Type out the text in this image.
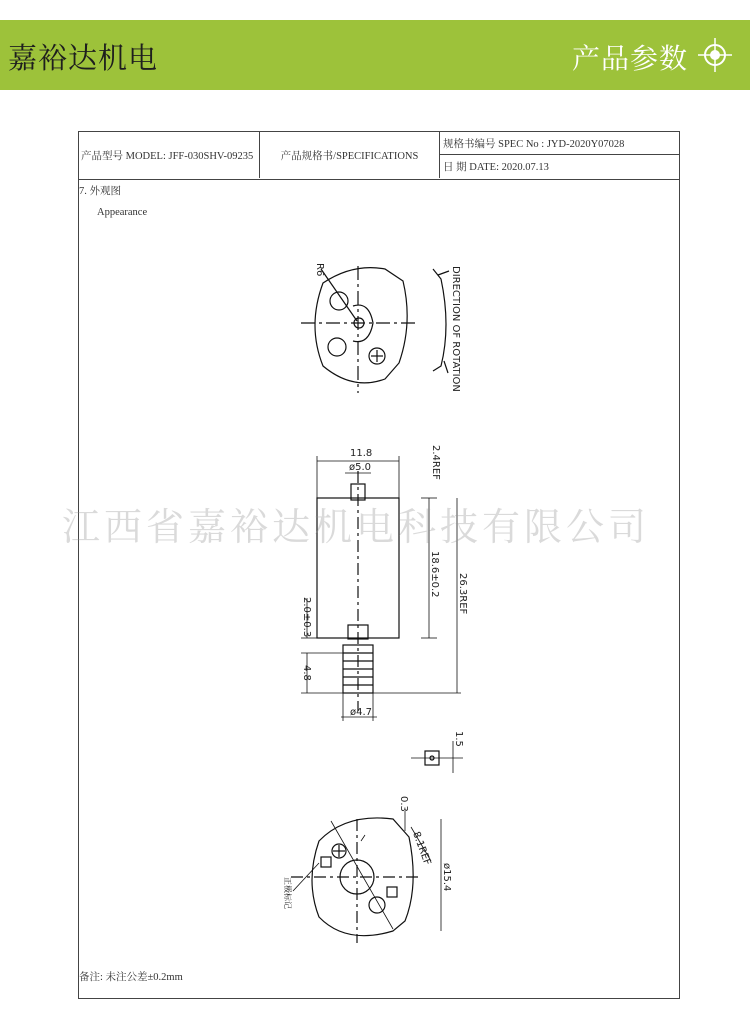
嘉裕达机电	产品参数
产品型号 MODEL: JFF-030SHV-09235	产品规格书/SPECIFICATIONS
规格书编号 SPEC No : JYD-2020Y07028
日 期 DATE: 2020.07.13
7. 外观图
Appearance
R6	DIRECTION OF ROTATION
11.8
ø5.0	2.4REF
18.6±0.2 26.3REF
2.0±0.3
4.8
ø4.7
1.5
0.3
8.1REF
ø15.4
正极标记
备注: 未注公差±0.2mm
江西省嘉裕达机电科技有限公司
